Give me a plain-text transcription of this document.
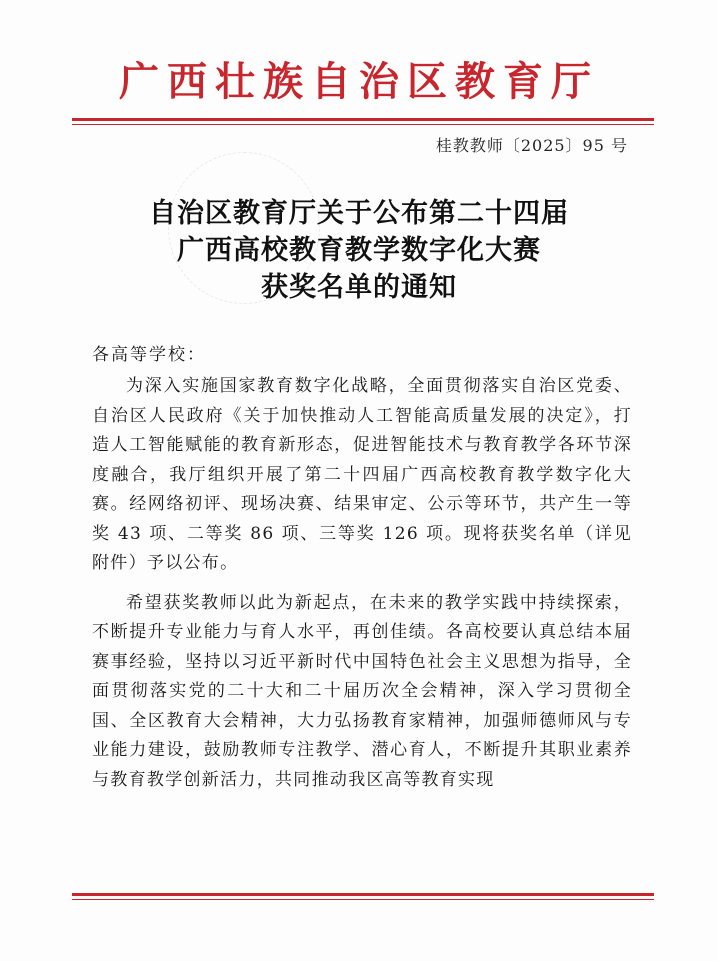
广西壮族自治区教育厅
桂教教师〔2025〕95 号
自治区教育厅关于公布第二十四届
广西高校教育教学数字化大赛
获奖名单的通知
各高等学校：

为深入实施国家教育数字化战略，全面贯彻落实自治区党委、自治区人民政府《关于加快推动人工智能高质量发展的决定》，打造人工智能赋能的教育新形态，促进智能技术与教育教学各环节深度融合，我厅组织开展了第二十四届广西高校教育教学数字化大赛。经网络初评、现场决赛、结果审定、公示等环节，共产生一等奖 43 项、二等奖 86 项、三等奖 126 项。现将获奖名单（详见附件）予以公布。

希望获奖教师以此为新起点，在未来的教学实践中持续探索，不断提升专业能力与育人水平，再创佳绩。各高校要认真总结本届赛事经验，坚持以习近平新时代中国特色社会主义思想为指导，全面贯彻落实党的二十大和二十届历次全会精神，深入学习贯彻全国、全区教育大会精神，大力弘扬教育家精神，加强师德师风与专业能力建设，鼓励教师专注教学、潜心育人，不断提升其职业素养与教育教学创新活力，共同推动我区高等教育实现
